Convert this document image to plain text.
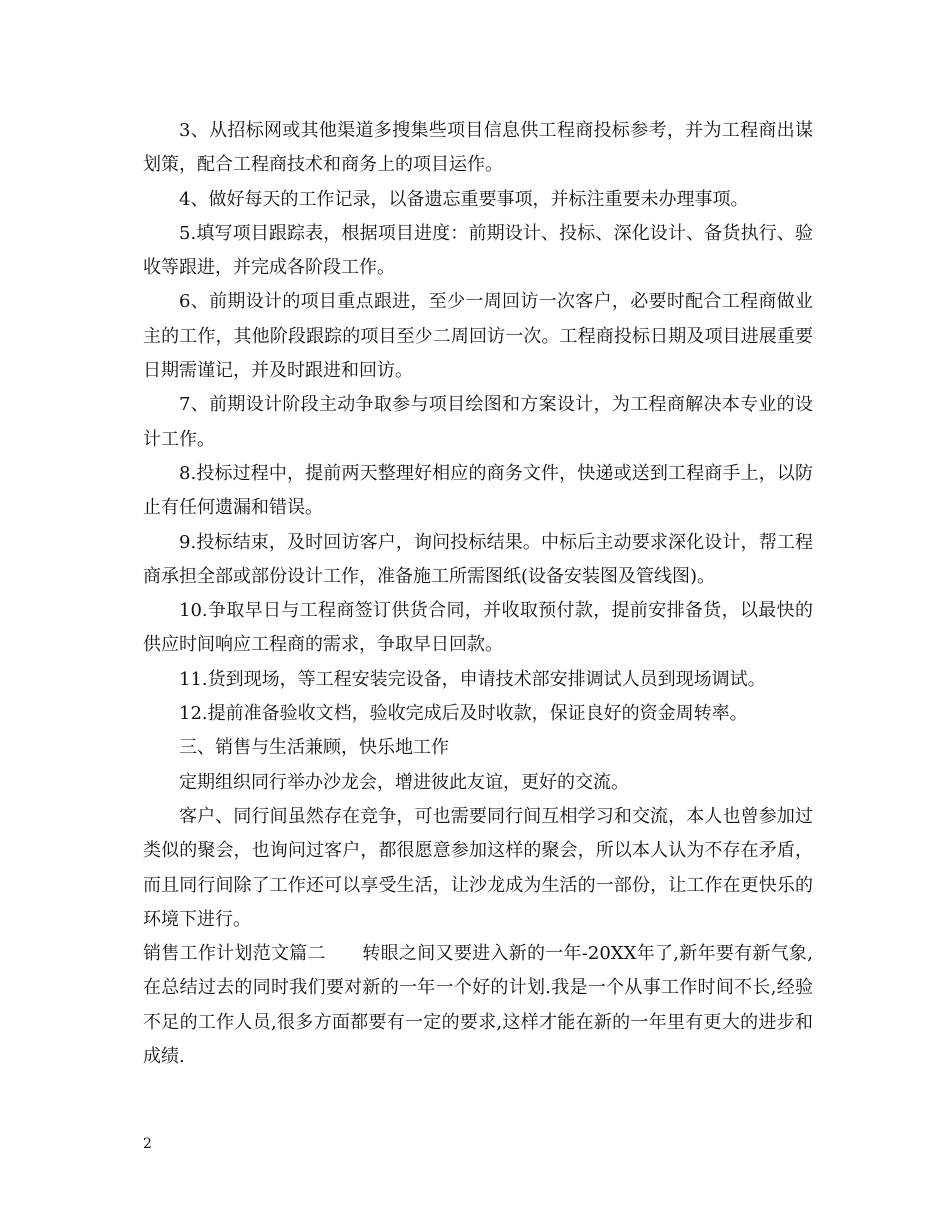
3、从招标网或其他渠道多搜集些项目信息供工程商投标参考，并为工程商出谋划策，配合工程商技术和商务上的项目运作。

4、做好每天的工作记录，以备遗忘重要事项，并标注重要未办理事项。

5.填写项目跟踪表，根据项目进度：前期设计、投标、深化设计、备货执行、验收等跟进，并完成各阶段工作。

6、前期设计的项目重点跟进，至少一周回访一次客户，必要时配合工程商做业主的工作，其他阶段跟踪的项目至少二周回访一次。工程商投标日期及项目进展重要日期需谨记，并及时跟进和回访。

7、前期设计阶段主动争取参与项目绘图和方案设计，为工程商解决本专业的设计工作。

8.投标过程中，提前两天整理好相应的商务文件，快递或送到工程商手上，以防止有任何遗漏和错误。

9.投标结束，及时回访客户，询问投标结果。中标后主动要求深化设计，帮工程商承担全部或部份设计工作，准备施工所需图纸(设备安装图及管线图)。

10.争取早日与工程商签订供货合同，并收取预付款，提前安排备货，以最快的供应时间响应工程商的需求，争取早日回款。

11.货到现场，等工程安装完设备，申请技术部安排调试人员到现场调试。

12.提前准备验收文档，验收完成后及时收款，保证良好的资金周转率。

三、销售与生活兼顾，快乐地工作

定期组织同行举办沙龙会，增进彼此友谊，更好的交流。

客户、同行间虽然存在竞争，可也需要同行间互相学习和交流，本人也曾参加过类似的聚会，也询问过客户，都很愿意参加这样的聚会，所以本人认为不存在矛盾，而且同行间除了工作还可以享受生活，让沙龙成为生活的一部份，让工作在更快乐的环境下进行。

销售工作计划范文篇二　　转眼之间又要进入新的一年-20XX年了,新年要有新气象,在总结过去的同时我们要对新的一年一个好的计划.我是一个从事工作时间不长,经验不足的工作人员,很多方面都要有一定的要求,这样才能在新的一年里有更大的进步和成绩.

2
